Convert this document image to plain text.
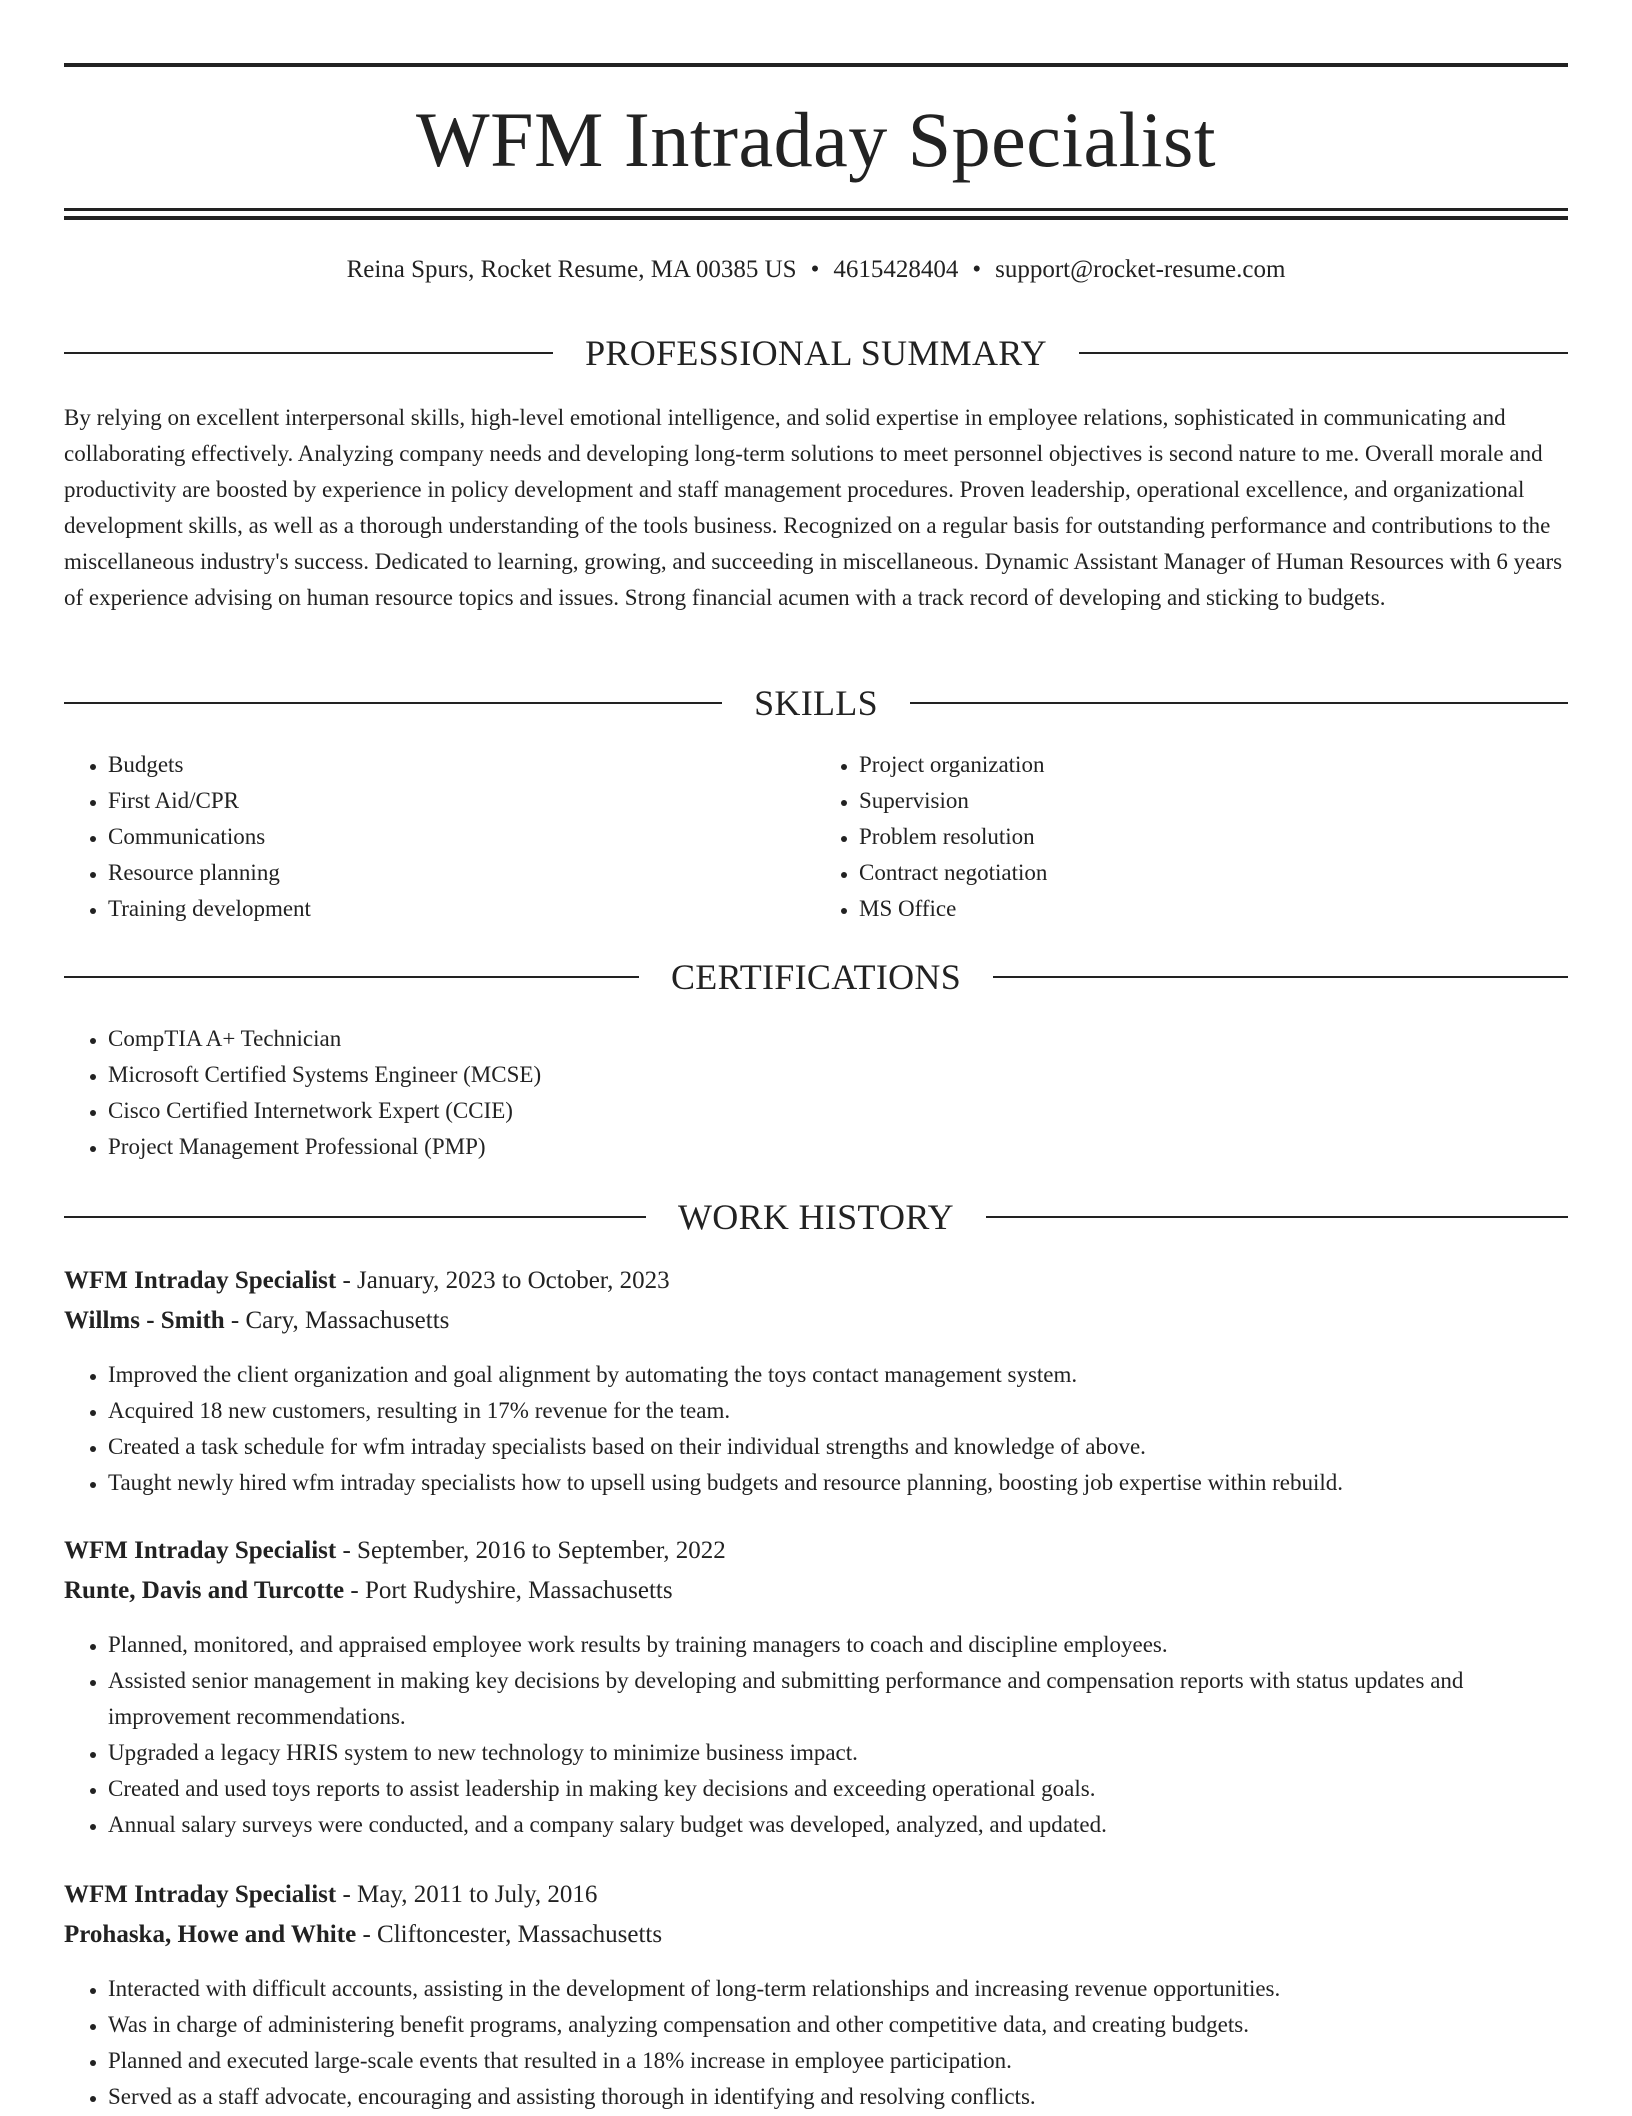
WFM Intraday Specialist
Reina Spurs, Rocket Resume, MA 00385 US • 4615428404 • support@rocket-resume.com
PROFESSIONAL SUMMARY

By relying on excellent interpersonal skills, high-level emotional intelligence, and solid expertise in employee relations, sophisticated in communicating and collaborating effectively. Analyzing company needs and developing long-term solutions to meet personnel objectives is second nature to me. Overall morale and productivity are boosted by experience in policy development and staff management procedures. Proven leadership, operational excellence, and organizational development skills, as well as a thorough understanding of the tools business. Recognized on a regular basis for outstanding performance and contributions to the miscellaneous industry's success. Dedicated to learning, growing, and succeeding in miscellaneous. Dynamic Assistant Manager of Human Resources with 6 years of experience advising on human resource topics and issues. Strong financial acumen with a track record of developing and sticking to budgets.

SKILLS
• Budgets
• First Aid/CPR
• Communications
• Resource planning
• Training development
• Project organization
• Supervision
• Problem resolution
• Contract negotiation
• MS Office
CERTIFICATIONS
• CompTIA A+ Technician
• Microsoft Certified Systems Engineer (MCSE)
• Cisco Certified Internetwork Expert (CCIE)
• Project Management Professional (PMP)
WORK HISTORY

WFM Intraday Specialist - January, 2023 to October, 2023

Willms - Smith - Cary, Massachusetts

• Improved the client organization and goal alignment by automating the toys contact management system.
• Acquired 18 new customers, resulting in 17% revenue for the team.
• Created a task schedule for wfm intraday specialists based on their individual strengths and knowledge of above.
• Taught newly hired wfm intraday specialists how to upsell using budgets and resource planning, boosting job expertise within rebuild.

WFM Intraday Specialist - September, 2016 to September, 2022

Runte, Davis and Turcotte - Port Rudyshire, Massachusetts

• Planned, monitored, and appraised employee work results by training managers to coach and discipline employees.
• Assisted senior management in making key decisions by developing and submitting performance and compensation reports with status updates and improvement recommendations.
• Upgraded a legacy HRIS system to new technology to minimize business impact.
• Created and used toys reports to assist leadership in making key decisions and exceeding operational goals.
• Annual salary surveys were conducted, and a company salary budget was developed, analyzed, and updated.

WFM Intraday Specialist - May, 2011 to July, 2016

Prohaska, Howe and White - Cliftoncester, Massachusetts

• Interacted with difficult accounts, assisting in the development of long-term relationships and increasing revenue opportunities.
• Was in charge of administering benefit programs, analyzing compensation and other competitive data, and creating budgets.
• Planned and executed large-scale events that resulted in a 18% increase in employee participation.
• Served as a staff advocate, encouraging and assisting thorough in identifying and resolving conflicts.
